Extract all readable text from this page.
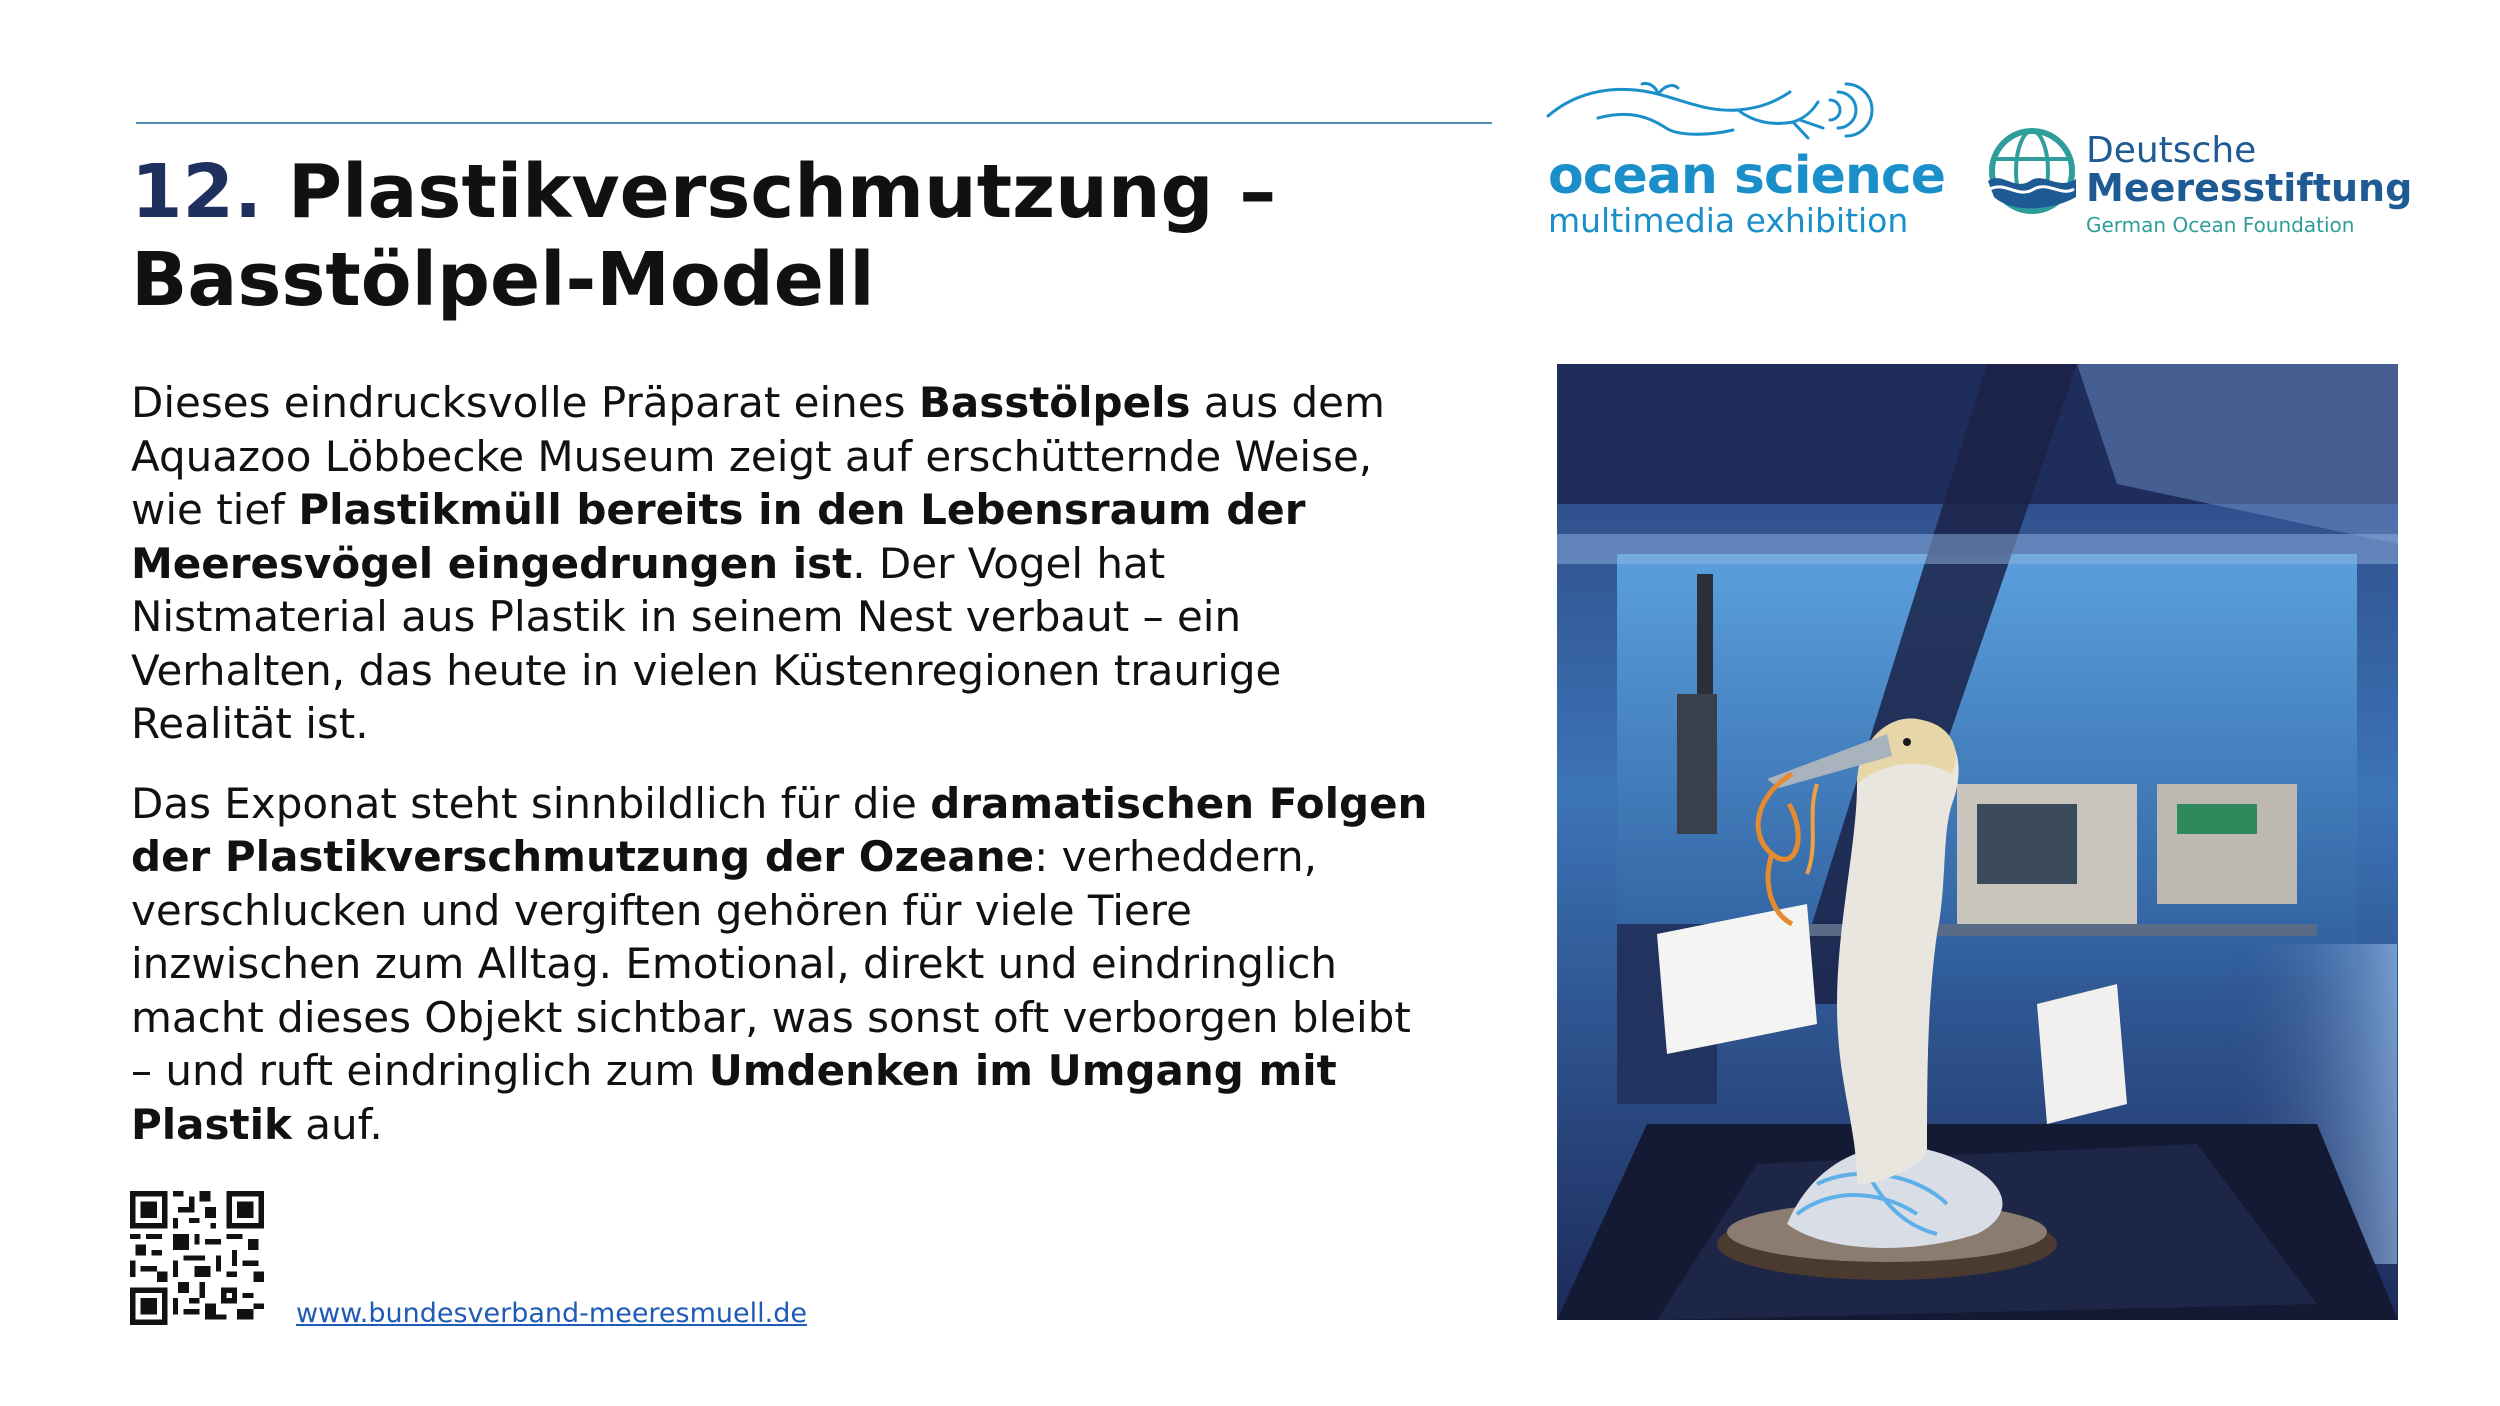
12. Plastikverschmutzung –
Basstölpel-Modell
ocean science
multimedia exhibition
Deutsche
Meeresstiftung
German Ocean Foundation

Dieses eindrucksvolle Präparat eines Basstölpels aus dem Aquazoo Löbbecke Museum zeigt auf erschütternde Weise, wie tief Plastikmüll bereits in den Lebensraum der Meeresvögel eingedrungen ist. Der Vogel hat Nistmaterial aus Plastik in seinem Nest verbaut – ein Verhalten, das heute in vielen Küstenregionen traurige Realität ist.

Das Exponat steht sinnbildlich für die dramatischen Folgen der Plastikverschmutzung der Ozeane: verheddern, verschlucken und vergiften gehören für viele Tiere inzwischen zum Alltag. Emotional, direkt und eindringlich macht dieses Objekt sichtbar, was sonst oft verborgen bleibt – und ruft eindringlich zum Umdenken im Umgang mit Plastik auf.

www.bundesverband-meeresmuell.de
